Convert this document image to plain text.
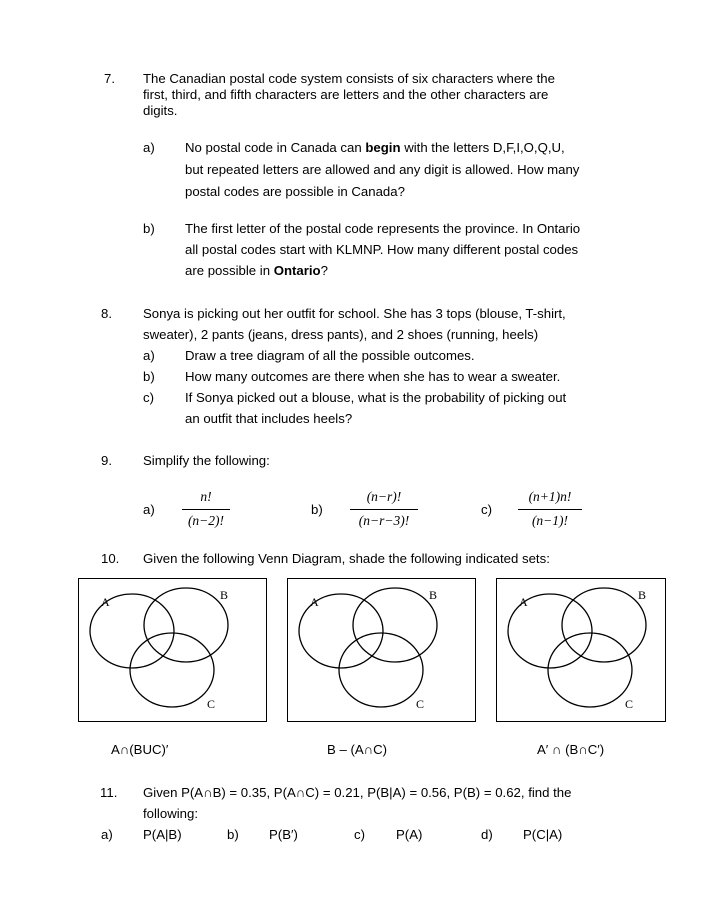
7. The Canadian postal code system consists of six characters where the
first, third, and fifth characters are letters and the other characters are
digits.
a) No postal code in Canada can begin with the letters D,F,I,O,Q,U,
but repeated letters are allowed and any digit is allowed. How many
postal codes are possible in Canada?
b) The first letter of the postal code represents the province. In Ontario
all postal codes start with KLMNP. How many different postal codes
are possible in Ontario?
8. Sonya is picking out her outfit for school. She has 3 tops (blouse, T-shirt,
sweater), 2 pants (jeans, dress pants), and 2 shoes (running, heels)
a) Draw a tree diagram of all the possible outcomes.
b) How many outcomes are there when she has to wear a sweater.
c) If Sonya picked out a blouse, what is the probability of picking out
an outfit that includes heels?
9. Simplify the following:
a)
n!
(n−2)!
b)
(n−r)!
(n−r−3)!
c)
(n+1)n!
(n−1)!
10. Given the following Venn Diagram, shade the following indicated sets:
A	B
C
A	B
C
A	B
C
A∩(BUC)′	B – (A∩C)	A′ ∩ (B∩C′)
11. Given P(A∩B) = 0.35, P(A∩C) = 0.21, P(B|A) = 0.56, P(B) = 0.62, find the
following:
a) P(A|B)	b) P(B′)	c) P(A)	d) P(C|A)
